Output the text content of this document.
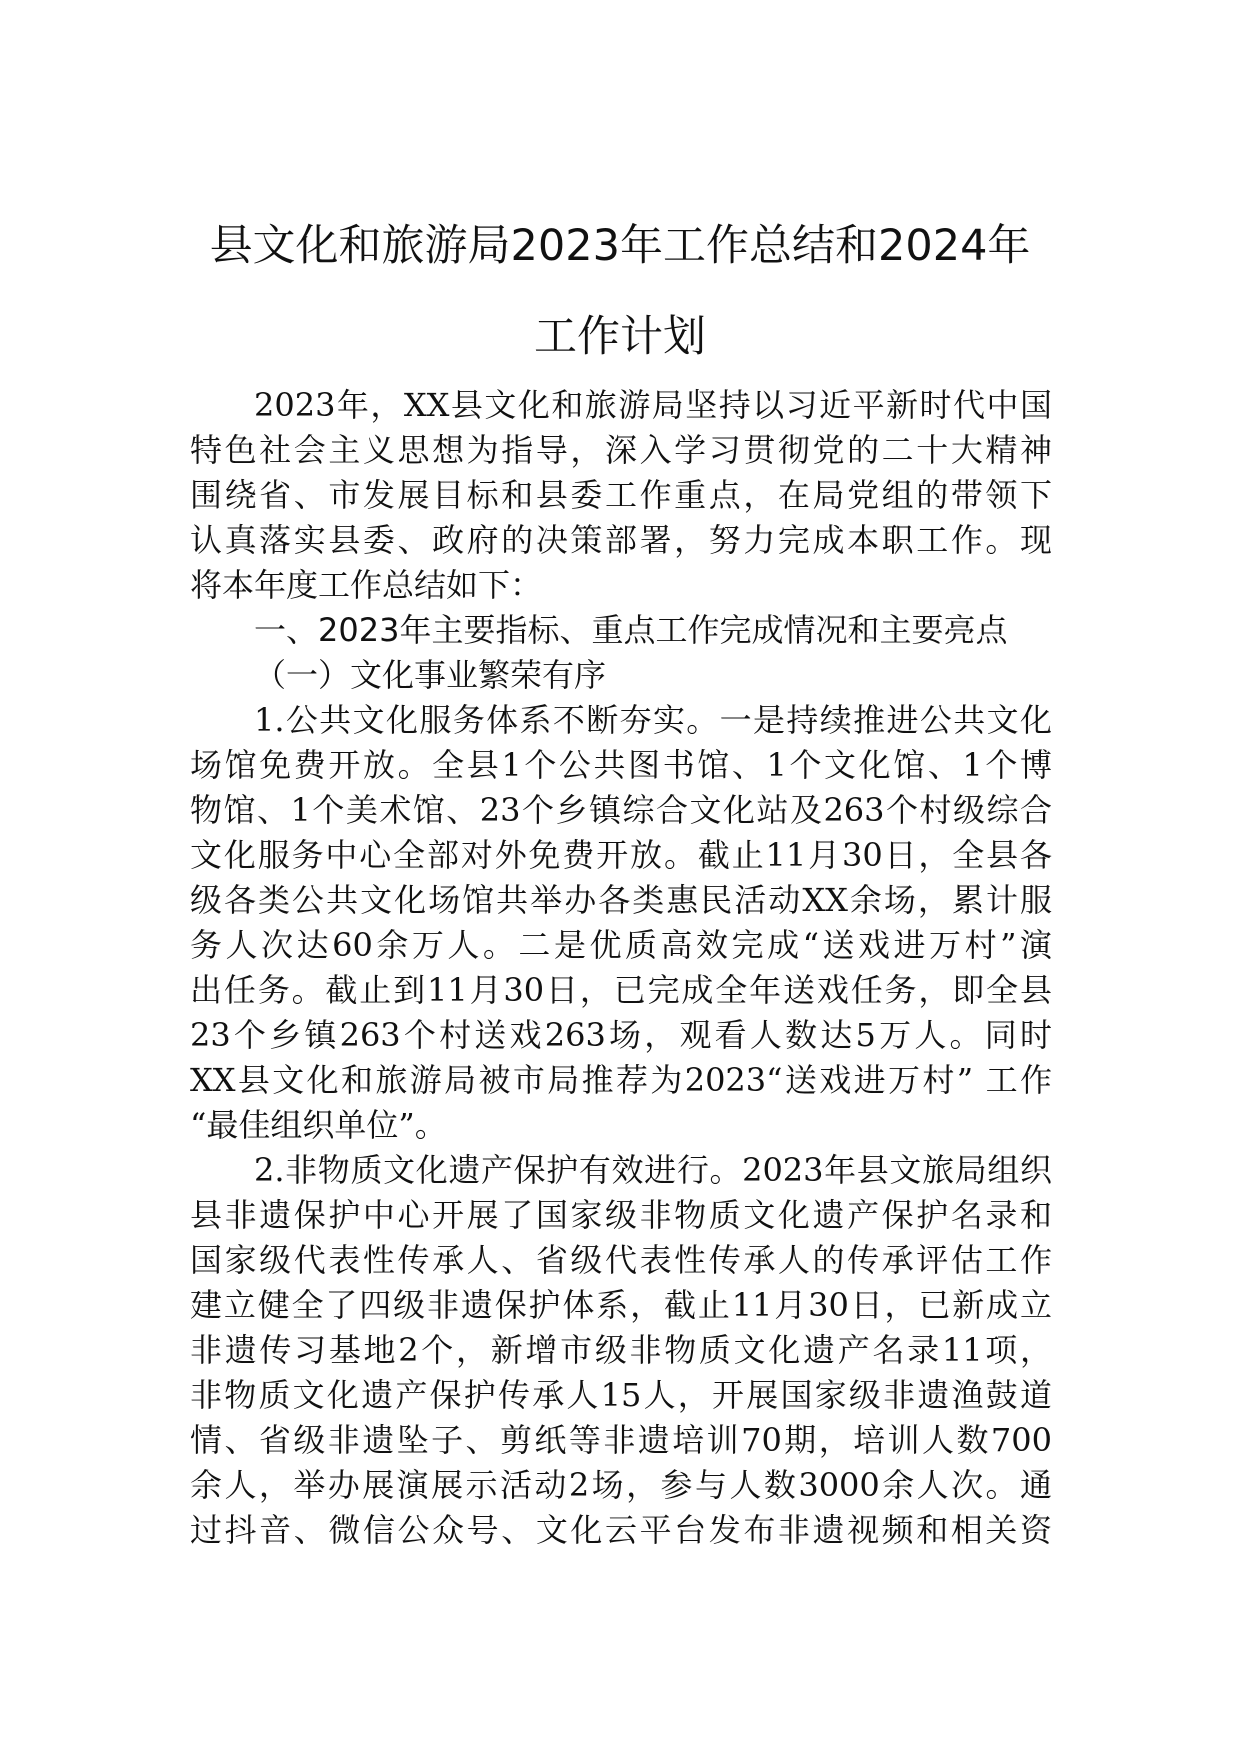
县文化和旅游局2023年工作总结和2024年
工作计划
2023年，XX县文化和旅游局坚持以习近平新时代中国
特色社会主义思想为指导，深入学习贯彻党的二十大精神
围绕省、市发展目标和县委工作重点，在局党组的带领下
认真落实县委、政府的决策部署，努力完成本职工作。现
将本年度工作总结如下：
一、2023年主要指标、重点工作完成情况和主要亮点
（一）文化事业繁荣有序
1.公共文化服务体系不断夯实。一是持续推进公共文化
场馆免费开放。全县1个公共图书馆、1个文化馆、1个博
物馆、1个美术馆、23个乡镇综合文化站及263个村级综合
文化服务中心全部对外免费开放。截止11月30日，全县各
级各类公共文化场馆共举办各类惠民活动XX余场，累计服
务人次达60余万人。二是优质高效完成“送戏进万村”演
出任务。截止到11月30日，已完成全年送戏任务，即全县
23个乡镇263个村送戏263场，观看人数达5万人。同时
XX县文化和旅游局被市局推荐为2023“送戏进万村” 工作
“最佳组织单位”。
2.非物质文化遗产保护有效进行。2023年县文旅局组织
县非遗保护中心开展了国家级非物质文化遗产保护名录和
国家级代表性传承人、省级代表性传承人的传承评估工作
建立健全了四级非遗保护体系，截止11月30日，已新成立
非遗传习基地2个，新增市级非物质文化遗产名录11项，
非物质文化遗产保护传承人15人，开展国家级非遗渔鼓道
情、省级非遗坠子、剪纸等非遗培训70期，培训人数700
余人，举办展演展示活动2场，参与人数3000余人次。通
过抖音、微信公众号、文化云平台发布非遗视频和相关资
